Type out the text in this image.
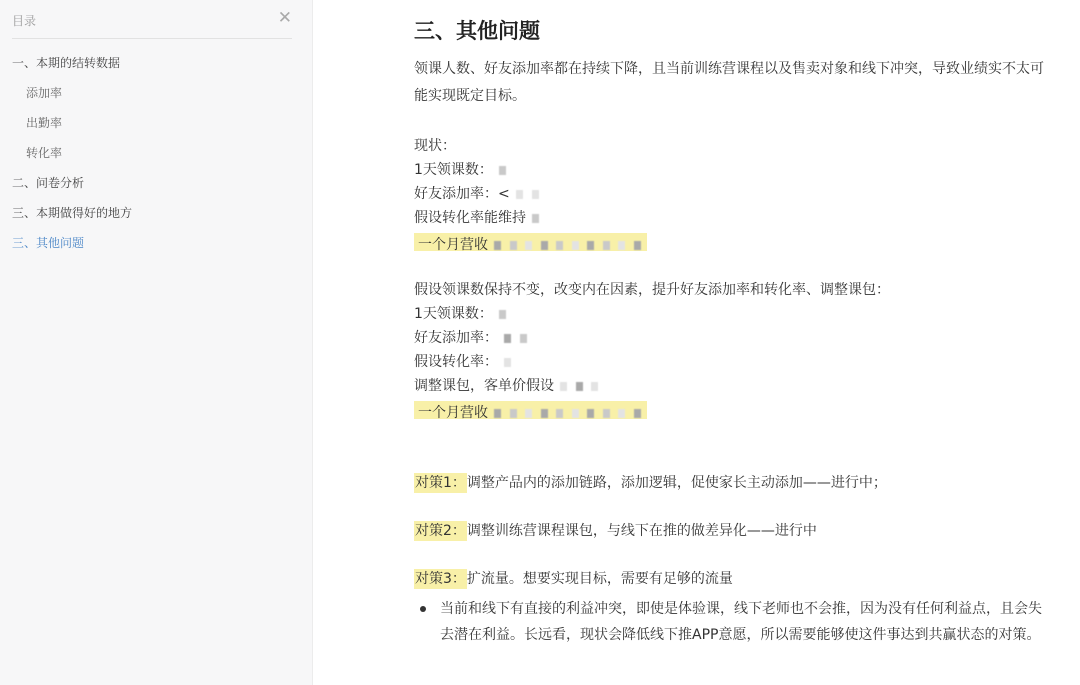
目录	✕
一、本期的结转数据
添加率
出勤率
转化率
二、问卷分析
三、本期做得好的地方
三、其他问题
三、其他问题

领课人数、好友添加率都在持续下降，且当前训练营课程以及售卖对象和线下冲突，导致业绩实不太可能实现既定目标。

现状：
1天领课数：
好友添加率：<
假设转化率能维持
一个月营收
假设领课数保持不变，改变内在因素，提升好友添加率和转化率、调整课包：
1天领课数：
好友添加率：
假设转化率：
调整课包，客单价假设
一个月营收
对策1：调整产品内的添加链路，添加逻辑，促使家长主动添加——进行中；
对策2：调整训练营课程课包，与线下在推的做差异化——进行中
对策3：扩流量。想要实现目标，需要有足够的流量
当前和线下有直接的利益冲突，即使是体验课，线下老师也不会推，因为没有任何利益点，且会失去潜在利益。长远看，现状会降低线下推APP意愿，所以需要能够使这件事达到共赢状态的对策。
